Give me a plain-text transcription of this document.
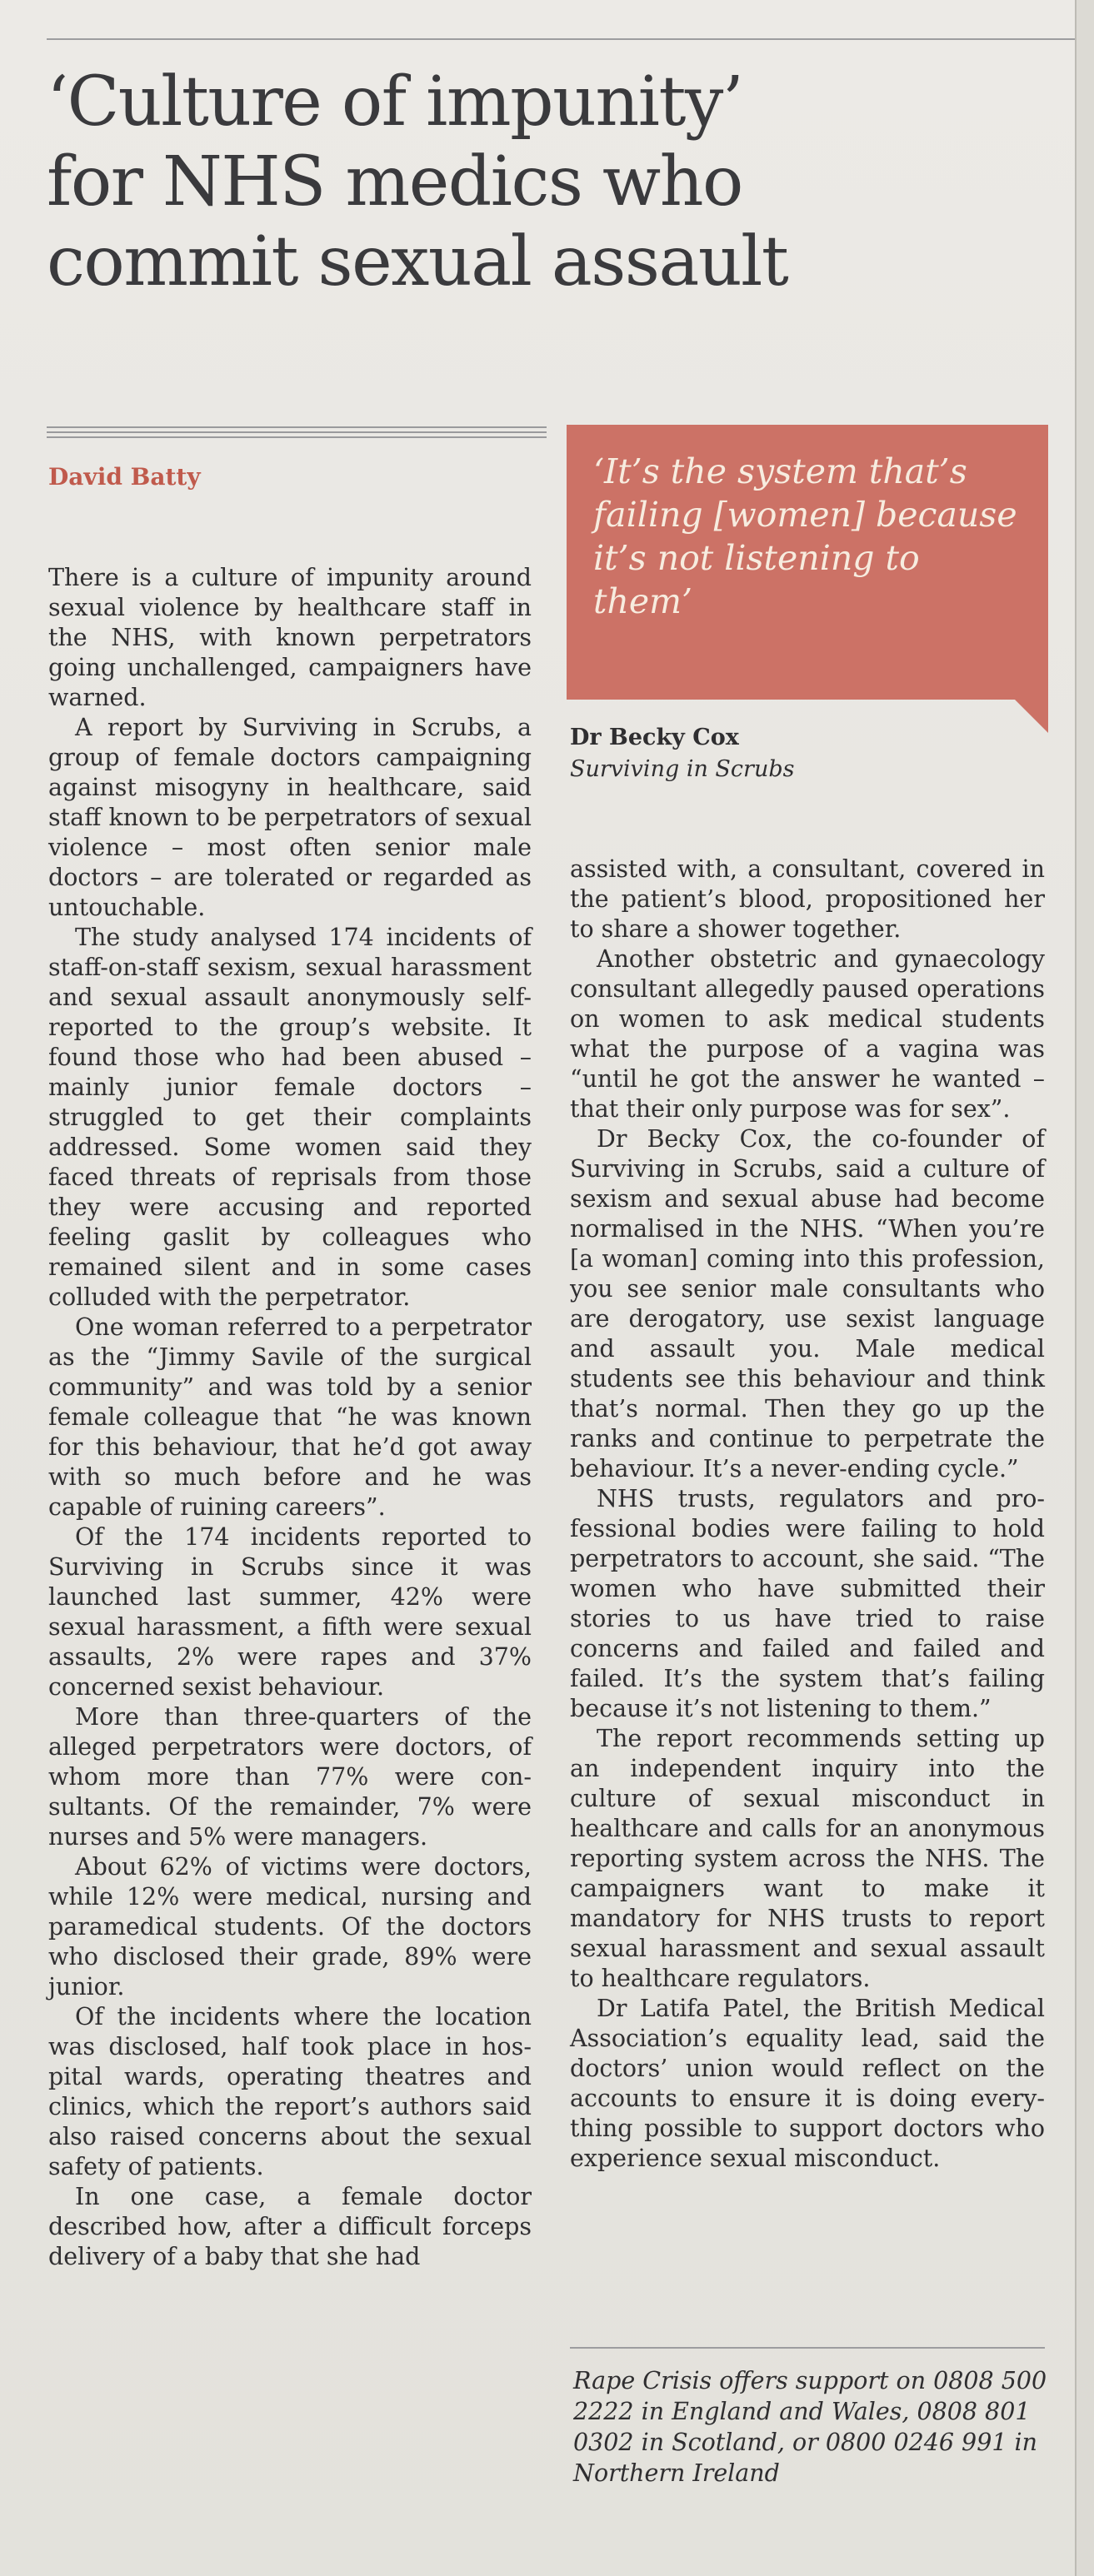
‘Culture of impunity’
for NHS medics who
commit sexual assault

David Batty

There is a culture of impunity around sexual violence by healthcare staff in the NHS, with known perpetrators going unchallenged, campaigners have warned.

A report by Surviving in Scrubs, a group of female doctors campaigning against misogyny in healthcare, said staff known to be perpetrators of sexual violence – most often senior male doctors – are tolerated or regarded as untouchable.

The study analysed 174 incidents of staff-on-staff sexism, sexual harassment and sexual assault anonymously self-reported to the group’s website. It found those who had been abused – mainly junior female doctors – struggled to get their complaints addressed. Some women said they faced threats of reprisals from those they were accusing and reported feeling gaslit by colleagues who remained silent and in some cases colluded with the perpetrator.

One woman referred to a perpetrator as the “Jimmy Savile of the surgical community” and was told by a senior female colleague that “he was known for this behaviour, that he’d got away with so much before and he was capable of ruining careers”.

Of the 174 incidents reported to Surviving in Scrubs since it was launched last summer, 42% were sexual harassment, a fifth were sexual assaults, 2% were rapes and 37% concerned sexist behaviour.

More than three-quarters of the alleged perpetrators were doctors, of whom more than 77% were consultants. Of the remainder, 7% were nurses and 5% were managers.

About 62% of victims were doctors, while 12% were medical, nursing and paramedical students. Of the doctors who disclosed their grade, 89% were junior.

Of the incidents where the location was disclosed, half took place in hospital wards, operating theatres and clinics, which the report’s authors said also raised concerns about the sexual safety of patients.

In one case, a female doctor described how, after a difficult forceps delivery of a baby that she had

‘It’s the system that’s failing [women] because it’s not listening to them’

Dr Becky Cox

Surviving in Scrubs

assisted with, a consultant, covered in the patient’s blood, propositioned her to share a shower together.

Another obstetric and gynaecology consultant allegedly paused operations on women to ask medical students what the purpose of a vagina was “until he got the answer he wanted – that their only purpose was for sex”.

Dr Becky Cox, the co-founder of Surviving in Scrubs, said a culture of sexism and sexual abuse had become normalised in the NHS. “When you’re [a woman] coming into this profession, you see senior male consultants who are derogatory, use sexist language and assault you. Male medical students see this behaviour and think that’s normal. Then they go up the ranks and continue to perpetrate the behaviour. It’s a never-ending cycle.”

NHS trusts, regulators and professional bodies were failing to hold perpetrators to account, she said. “The women who have submitted their stories to us have tried to raise concerns and failed and failed and failed. It’s the system that’s failing because it’s not listening to them.”

The report recommends setting up an independent inquiry into the culture of sexual misconduct in healthcare and calls for an anonymous reporting system across the NHS. The campaigners want to make it mandatory for NHS trusts to report sexual harassment and sexual assault to healthcare regulators.

Dr Latifa Patel, the British Medical Association’s equality lead, said the doctors’ union would reflect on the accounts to ensure it is doing everything possible to support doctors who experience sexual misconduct.

Rape Crisis offers support on 0808 500 2222 in England and Wales, 0808 801 0302 in Scotland, or 0800 0246 991 in Northern Ireland
